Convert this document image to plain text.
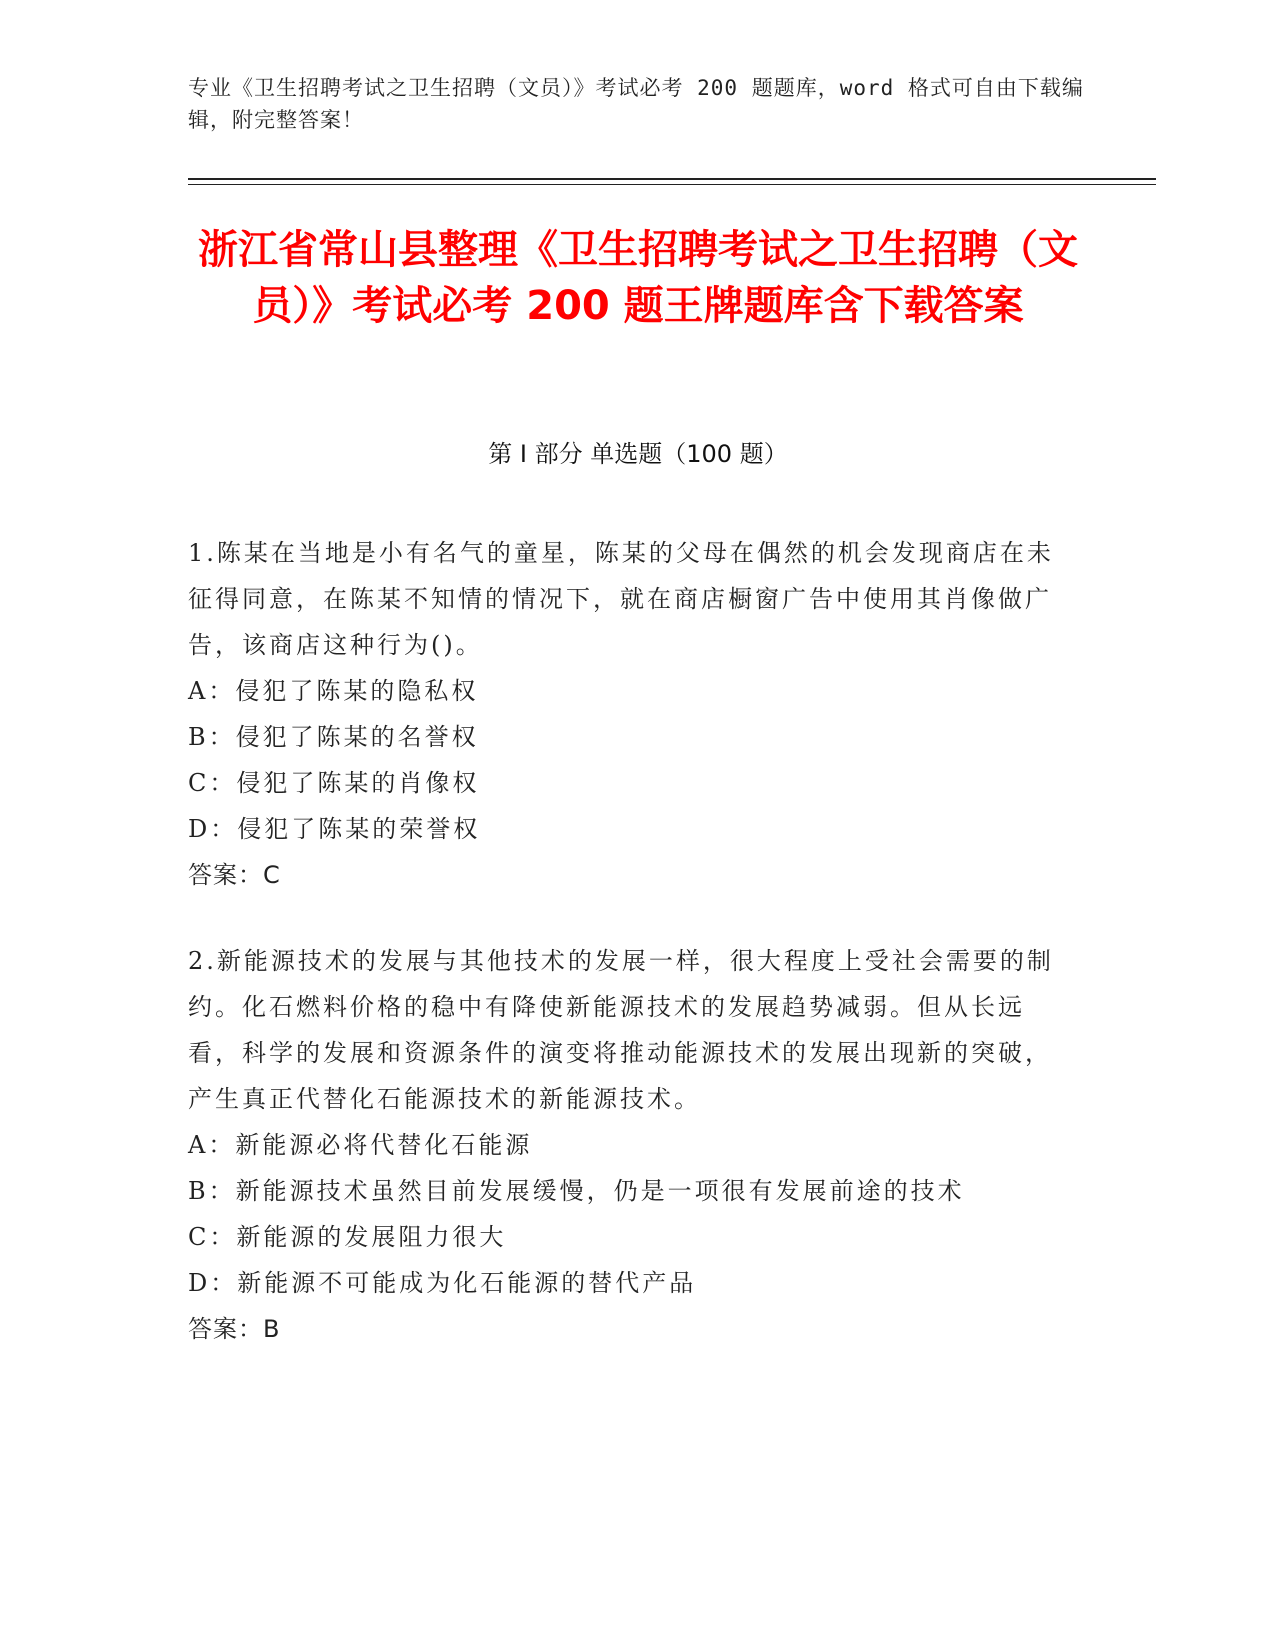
专业《卫生招聘考试之卫生招聘（文员）》考试必考 200 题题库，word 格式可自由下载编辑，附完整答案！
浙江省常山县整理《卫生招聘考试之卫生招聘（文员）》考试必考 200 题王牌题库含下载答案
第 I 部分 单选题（100 题）

1.陈某在当地是小有名气的童星，陈某的父母在偶然的机会发现商店在未征得同意，在陈某不知情的情况下，就在商店橱窗广告中使用其肖像做广告，该商店这种行为()。

A：侵犯了陈某的隐私权

B：侵犯了陈某的名誉权

C：侵犯了陈某的肖像权

D：侵犯了陈某的荣誉权

答案：C

2.新能源技术的发展与其他技术的发展一样，很大程度上受社会需要的制约。化石燃料价格的稳中有降使新能源技术的发展趋势减弱。但从长远看，科学的发展和资源条件的演变将推动能源技术的发展出现新的突破，产生真正代替化石能源技术的新能源技术。

A：新能源必将代替化石能源

B：新能源技术虽然目前发展缓慢，仍是一项很有发展前途的技术

C：新能源的发展阻力很大

D：新能源不可能成为化石能源的替代产品

答案：B
